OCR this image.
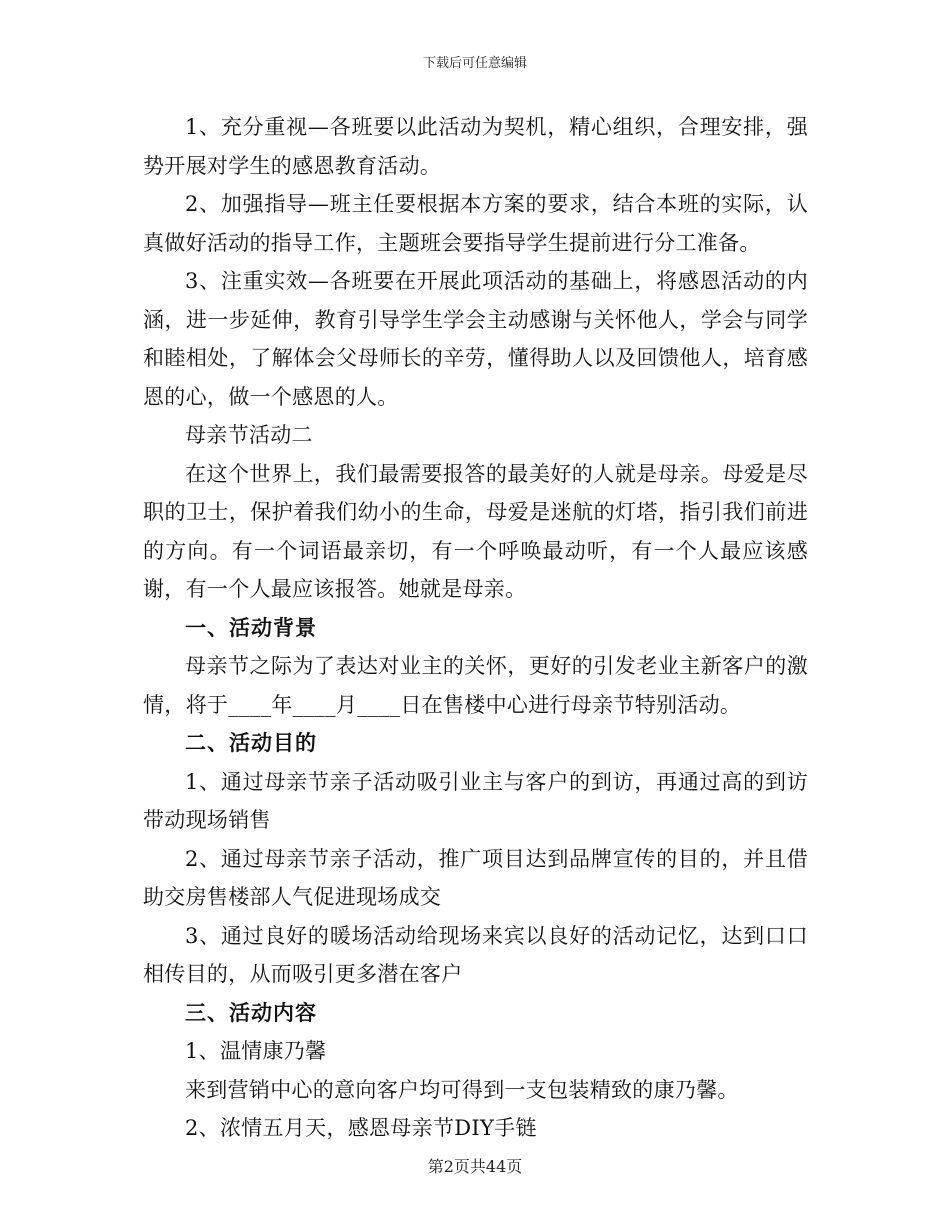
下载后可任意编辑

1、充分重视—各班要以此活动为契机，精心组织，合理安排，强势开展对学生的感恩教育活动。

2、加强指导—班主任要根据本方案的要求，结合本班的实际，认真做好活动的指导工作，主题班会要指导学生提前进行分工准备。

3、注重实效—各班要在开展此项活动的基础上，将感恩活动的内涵，进一步延伸，教育引导学生学会主动感谢与关怀他人，学会与同学和睦相处，了解体会父母师长的辛劳，懂得助人以及回馈他人，培育感恩的心，做一个感恩的人。

母亲节活动二

在这个世界上，我们最需要报答的最美好的人就是母亲。母爱是尽职的卫士，保护着我们幼小的生命，母爱是迷航的灯塔，指引我们前进的方向。有一个词语最亲切，有一个呼唤最动听，有一个人最应该感谢，有一个人最应该报答。她就是母亲。

一、活动背景

母亲节之际为了表达对业主的关怀，更好的引发老业主新客户的激情，将于____年____月____日在售楼中心进行母亲节特别活动。

二、活动目的

1、通过母亲节亲子活动吸引业主与客户的到访，再通过高的到访带动现场销售

2、通过母亲节亲子活动，推广项目达到品牌宣传的目的，并且借助交房售楼部人气促进现场成交

3、通过良好的暖场活动给现场来宾以良好的活动记忆，达到口口相传目的，从而吸引更多潜在客户

三、活动内容

1、温情康乃馨

来到营销中心的意向客户均可得到一支包装精致的康乃馨。

2、浓情五月天，感恩母亲节DIY手链

第2页共44页
